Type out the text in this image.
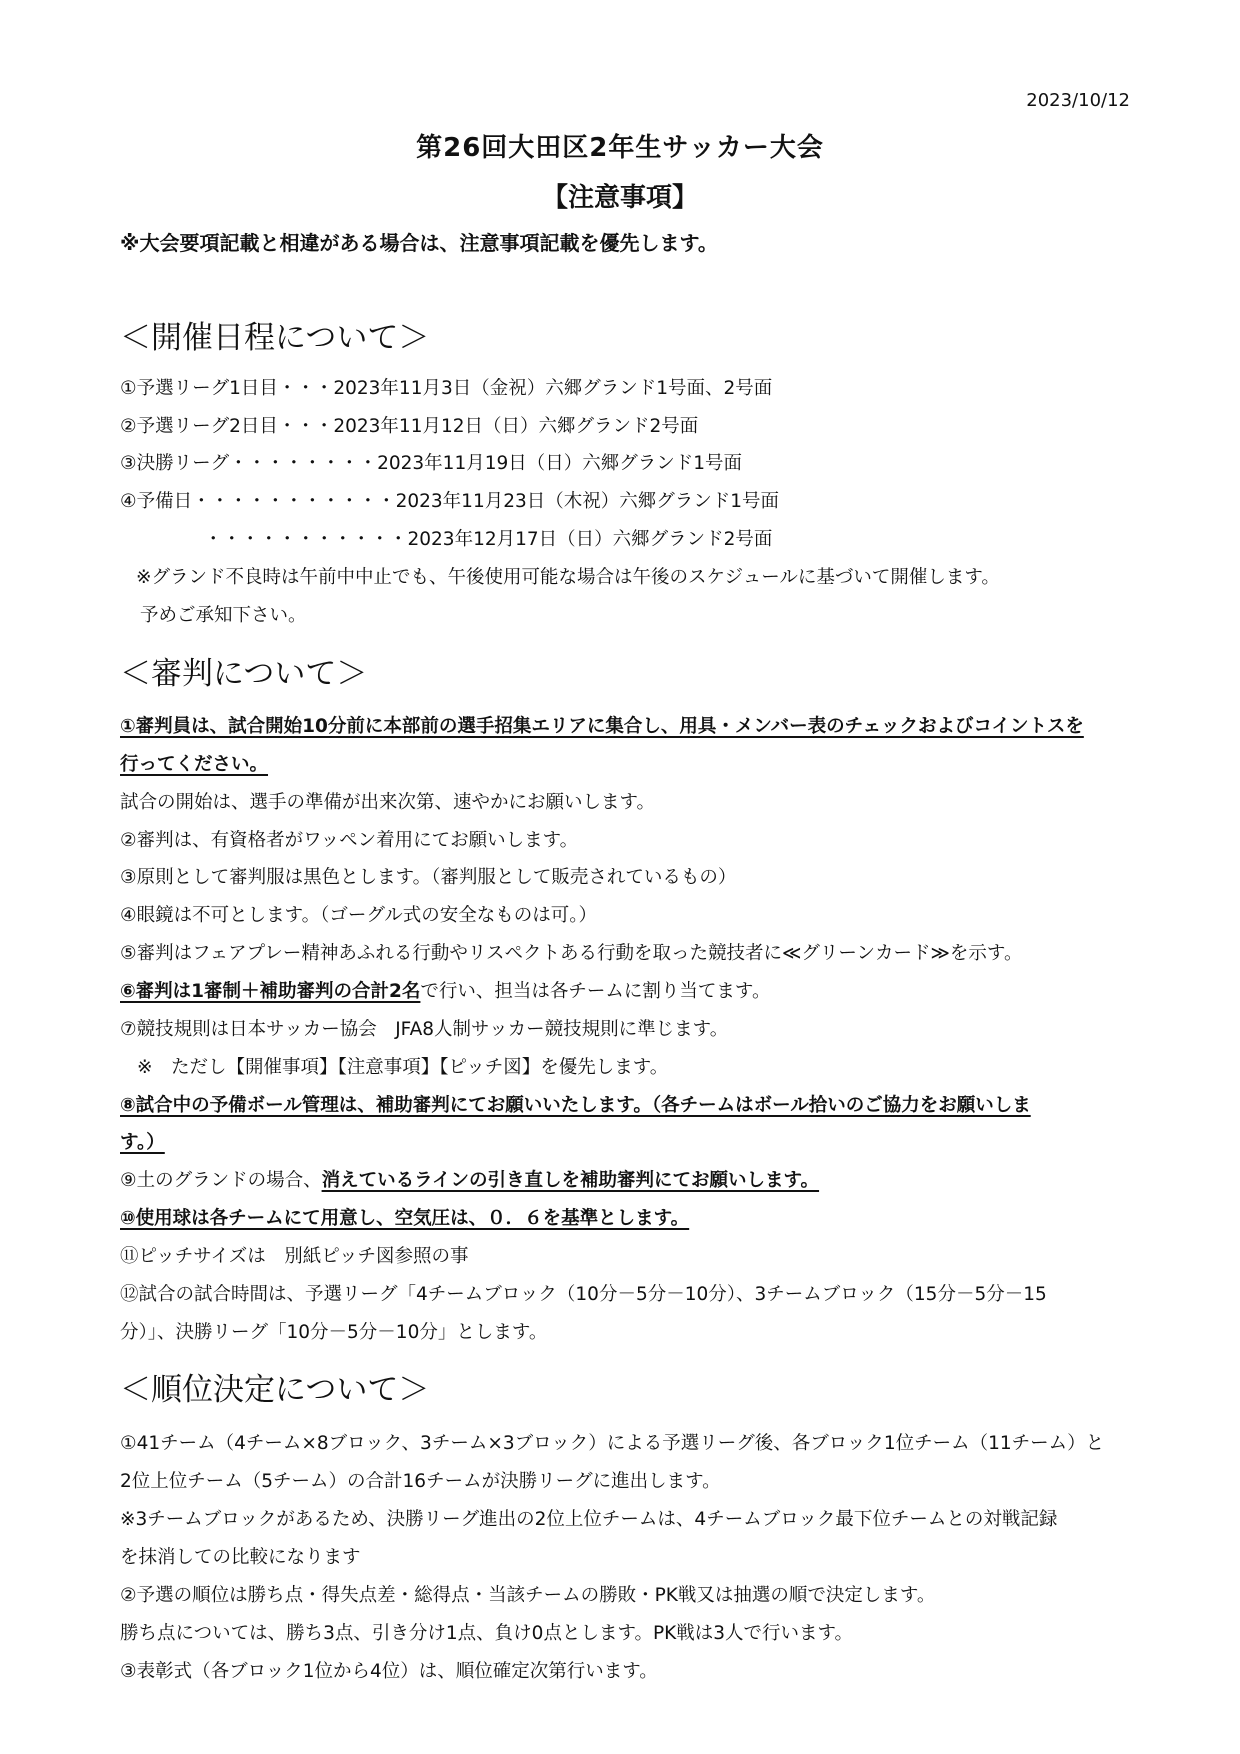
2023/10/12
第26回大田区2年生サッカー大会
【注意事項】
※大会要項記載と相違がある場合は、注意事項記載を優先します。
＜開催日程について＞
①予選リーグ1日目・・・2023年11月3日（金祝）六郷グランド1号面、2号面
②予選リーグ2日目・・・2023年11月12日（日）六郷グランド2号面
③決勝リーグ・・・・・・・・2023年11月19日（日）六郷グランド1号面
④予備日・・・・・・・・・・・2023年11月23日（木祝）六郷グランド1号面
・・・・・・・・・・・2023年12月17日（日）六郷グランド2号面
※グランド不良時は午前中中止でも、午後使用可能な場合は午後のスケジュールに基づいて開催します。
予めご承知下さい。
＜審判について＞
①審判員は、試合開始10分前に本部前の選手招集エリアに集合し、用具・メンバー表のチェックおよびコイントスを
行ってください。
試合の開始は、選手の準備が出来次第、速やかにお願いします。
②審判は、有資格者がワッペン着用にてお願いします。
③原則として審判服は黒色とします。（審判服として販売されているもの）
④眼鏡は不可とします。（ゴーグル式の安全なものは可。）
⑤審判はフェアプレー精神あふれる行動やリスペクトある行動を取った競技者に≪グリーンカード≫を示す。
⑥審判は1審制＋補助審判の合計2名で行い、担当は各チームに割り当てます。
⑦競技規則は日本サッカー協会　JFA8人制サッカー競技規則に準じます。
※　ただし【開催事項】【注意事項】【ピッチ図】を優先します。
⑧試合中の予備ボール管理は、補助審判にてお願いいたします。（各チームはボール拾いのご協力をお願いしま
す。）
⑨土のグランドの場合、消えているラインの引き直しを補助審判にてお願いします。
⑩使用球は各チームにて用意し、空気圧は、０．６を基準とします。
⑪ピッチサイズは　別紙ピッチ図参照の事
⑫試合の試合時間は、予選リーグ「4チームブロック（10分－5分－10分）、3チームブロック（15分－5分－15
分）」、決勝リーグ「10分－5分－10分」とします。
＜順位決定について＞
①41チーム（4チーム×8ブロック、3チーム×3ブロック）による予選リーグ後、各ブロック1位チーム（11チーム）と
2位上位チーム（5チーム）の合計16チームが決勝リーグに進出します。
※3チームブロックがあるため、決勝リーグ進出の2位上位チームは、4チームブロック最下位チームとの対戦記録
を抹消しての比較になります
②予選の順位は勝ち点・得失点差・総得点・当該チームの勝敗・PK戦又は抽選の順で決定します。
勝ち点については、勝ち3点、引き分け1点、負け0点とします。PK戦は3人で行います。
③表彰式（各ブロック1位から4位）は、順位確定次第行います。
